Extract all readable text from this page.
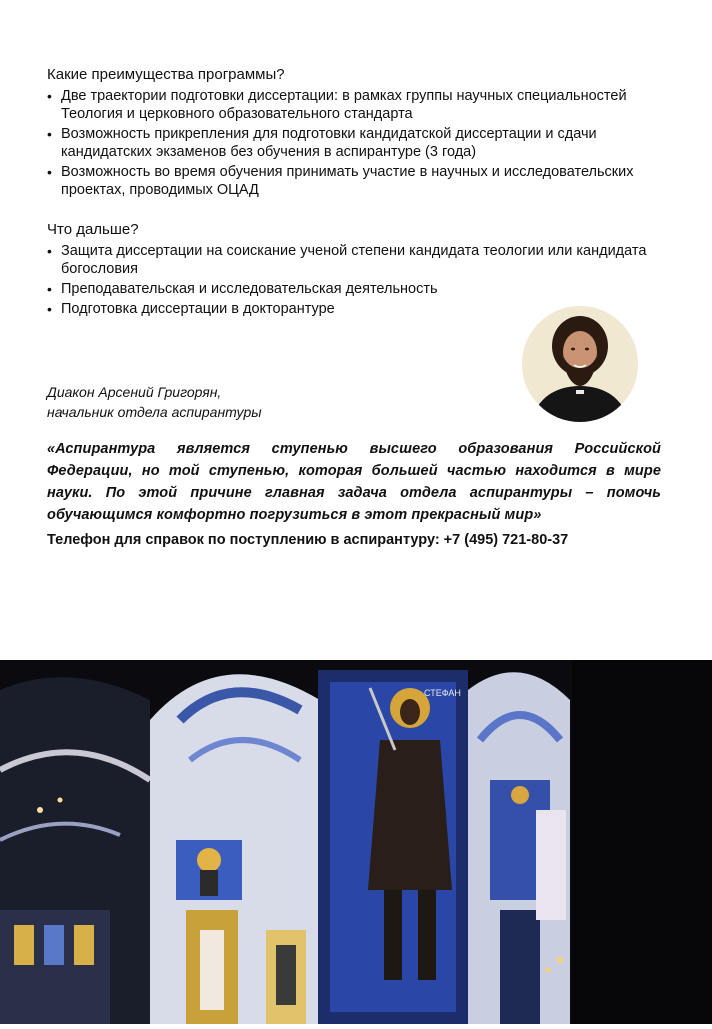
Какие преимущества программы?
• Две траектории подготовки диссертации: в рамках группы научных специальностей Теология и церковного образовательного стандарта
• Возможность прикрепления для подготовки кандидатской диссертации и сдачи кандидатских экзаменов без обучения в аспирантуре (3 года)
• Возможность во время обучения принимать участие в научных и исследовательских проектах, проводимых ОЦАД
Что дальше?
• Защита диссертации на соискание ученой степени кандидата теологии или кандидата богословия
• Преподавательская и исследовательская деятельность
• Подготовка диссертации в докторантуре
Диакон Арсений Григорян,
начальник отдела аспирантуры
«Аспирантура является ступенью высшего образования Российской Федерации, но той ступенью, которая большей частью находится в мире науки. По этой причине главная задача отдела аспирантуры – помочь обучающимся комфортно погрузиться в этот прекрасный мир»
Телефон для справок по поступлению в аспирантуру: +7 (495) 721-80-37
СТЕФАН
